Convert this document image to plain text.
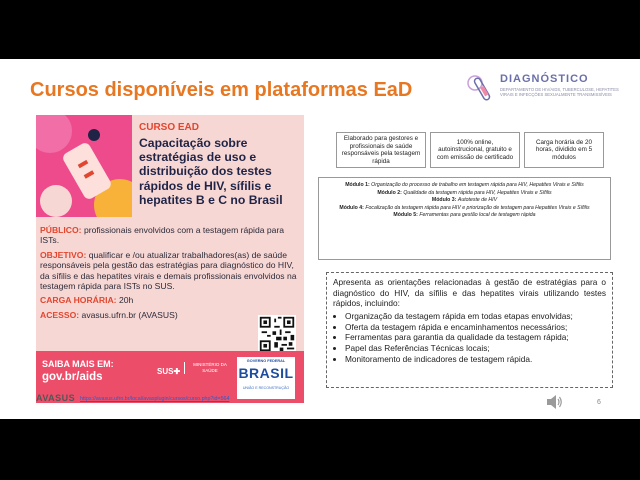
Cursos disponíveis em plataformas EaD	DIAGNÓSTICO
DEPARTAMENTO DE HIV/AIDS, TUBERCULOSE, HEPATITES VIRAIS E INFECÇÕES SEXUALMENTE TRANSMISSÍVEIS
CURSO EAD
Capacitação sobre estratégias de uso e distribuição dos testes rápidos de HIV, sífilis e hepatites B e C no Brasil
PÚBLICO: profissionais envolvidos com a testagem rápida para ISTs.
OBJETIVO: qualificar e /ou atualizar trabalhadores(as) de saúde responsáveis pela gestão das estratégias para diagnóstico do HIV, da sífilis e das hepatites virais e demais profissionais envolvidos na testagem rápida para ISTs no SUS.
CARGA HORÁRIA: 20h
ACESSO: avasus.ufrn.br (AVASUS)
SAIBA MAIS EM:
gov.br/aids	SUS✚
MINISTÉRIO DA SAÚDE
GOVERNO FEDERAL
BRASIL
UNIÃO E RECONSTRUÇÃO
AVASUS https://avasus.ufrn.br/local/avasplugin/cursos/curso.php?id=564
Elaborado para gestores e profissionais de saúde responsáveis pela testagem rápida
100% online, autoinstrucional, gratuito e com emissão de certificado
Carga horária de 20 horas, dividido em 5 módulos
Módulo 1: Organização do processo de trabalho em testagem rápida para HIV, Hepatites Virais e Sífilis
Módulo 2: Qualidade da testagem rápida para HIV, Hepatites Virais e Sífilis
Módulo 3: Autoteste de HIV
Módulo 4: Focalização da testagem rápida para HIV e priorização de testagem para Hepatites Virais e Sífilis
Módulo 5: Ferramentas para gestão local de testagem rápida
Apresenta as orientações relacionadas à gestão de estratégias para o diagnóstico do HIV, da sífilis e das hepatites virais utilizando testes rápidos, incluindo:
• Organização da testagem rápida em todas etapas envolvidas;
• Oferta da testagem rápida e encaminhamentos necessários;
• Ferramentas para garantia da qualidade da testagem rápida;
• Papel das Referências Técnicas locais;
• Monitoramento de indicadores de testagem rápida.
6
